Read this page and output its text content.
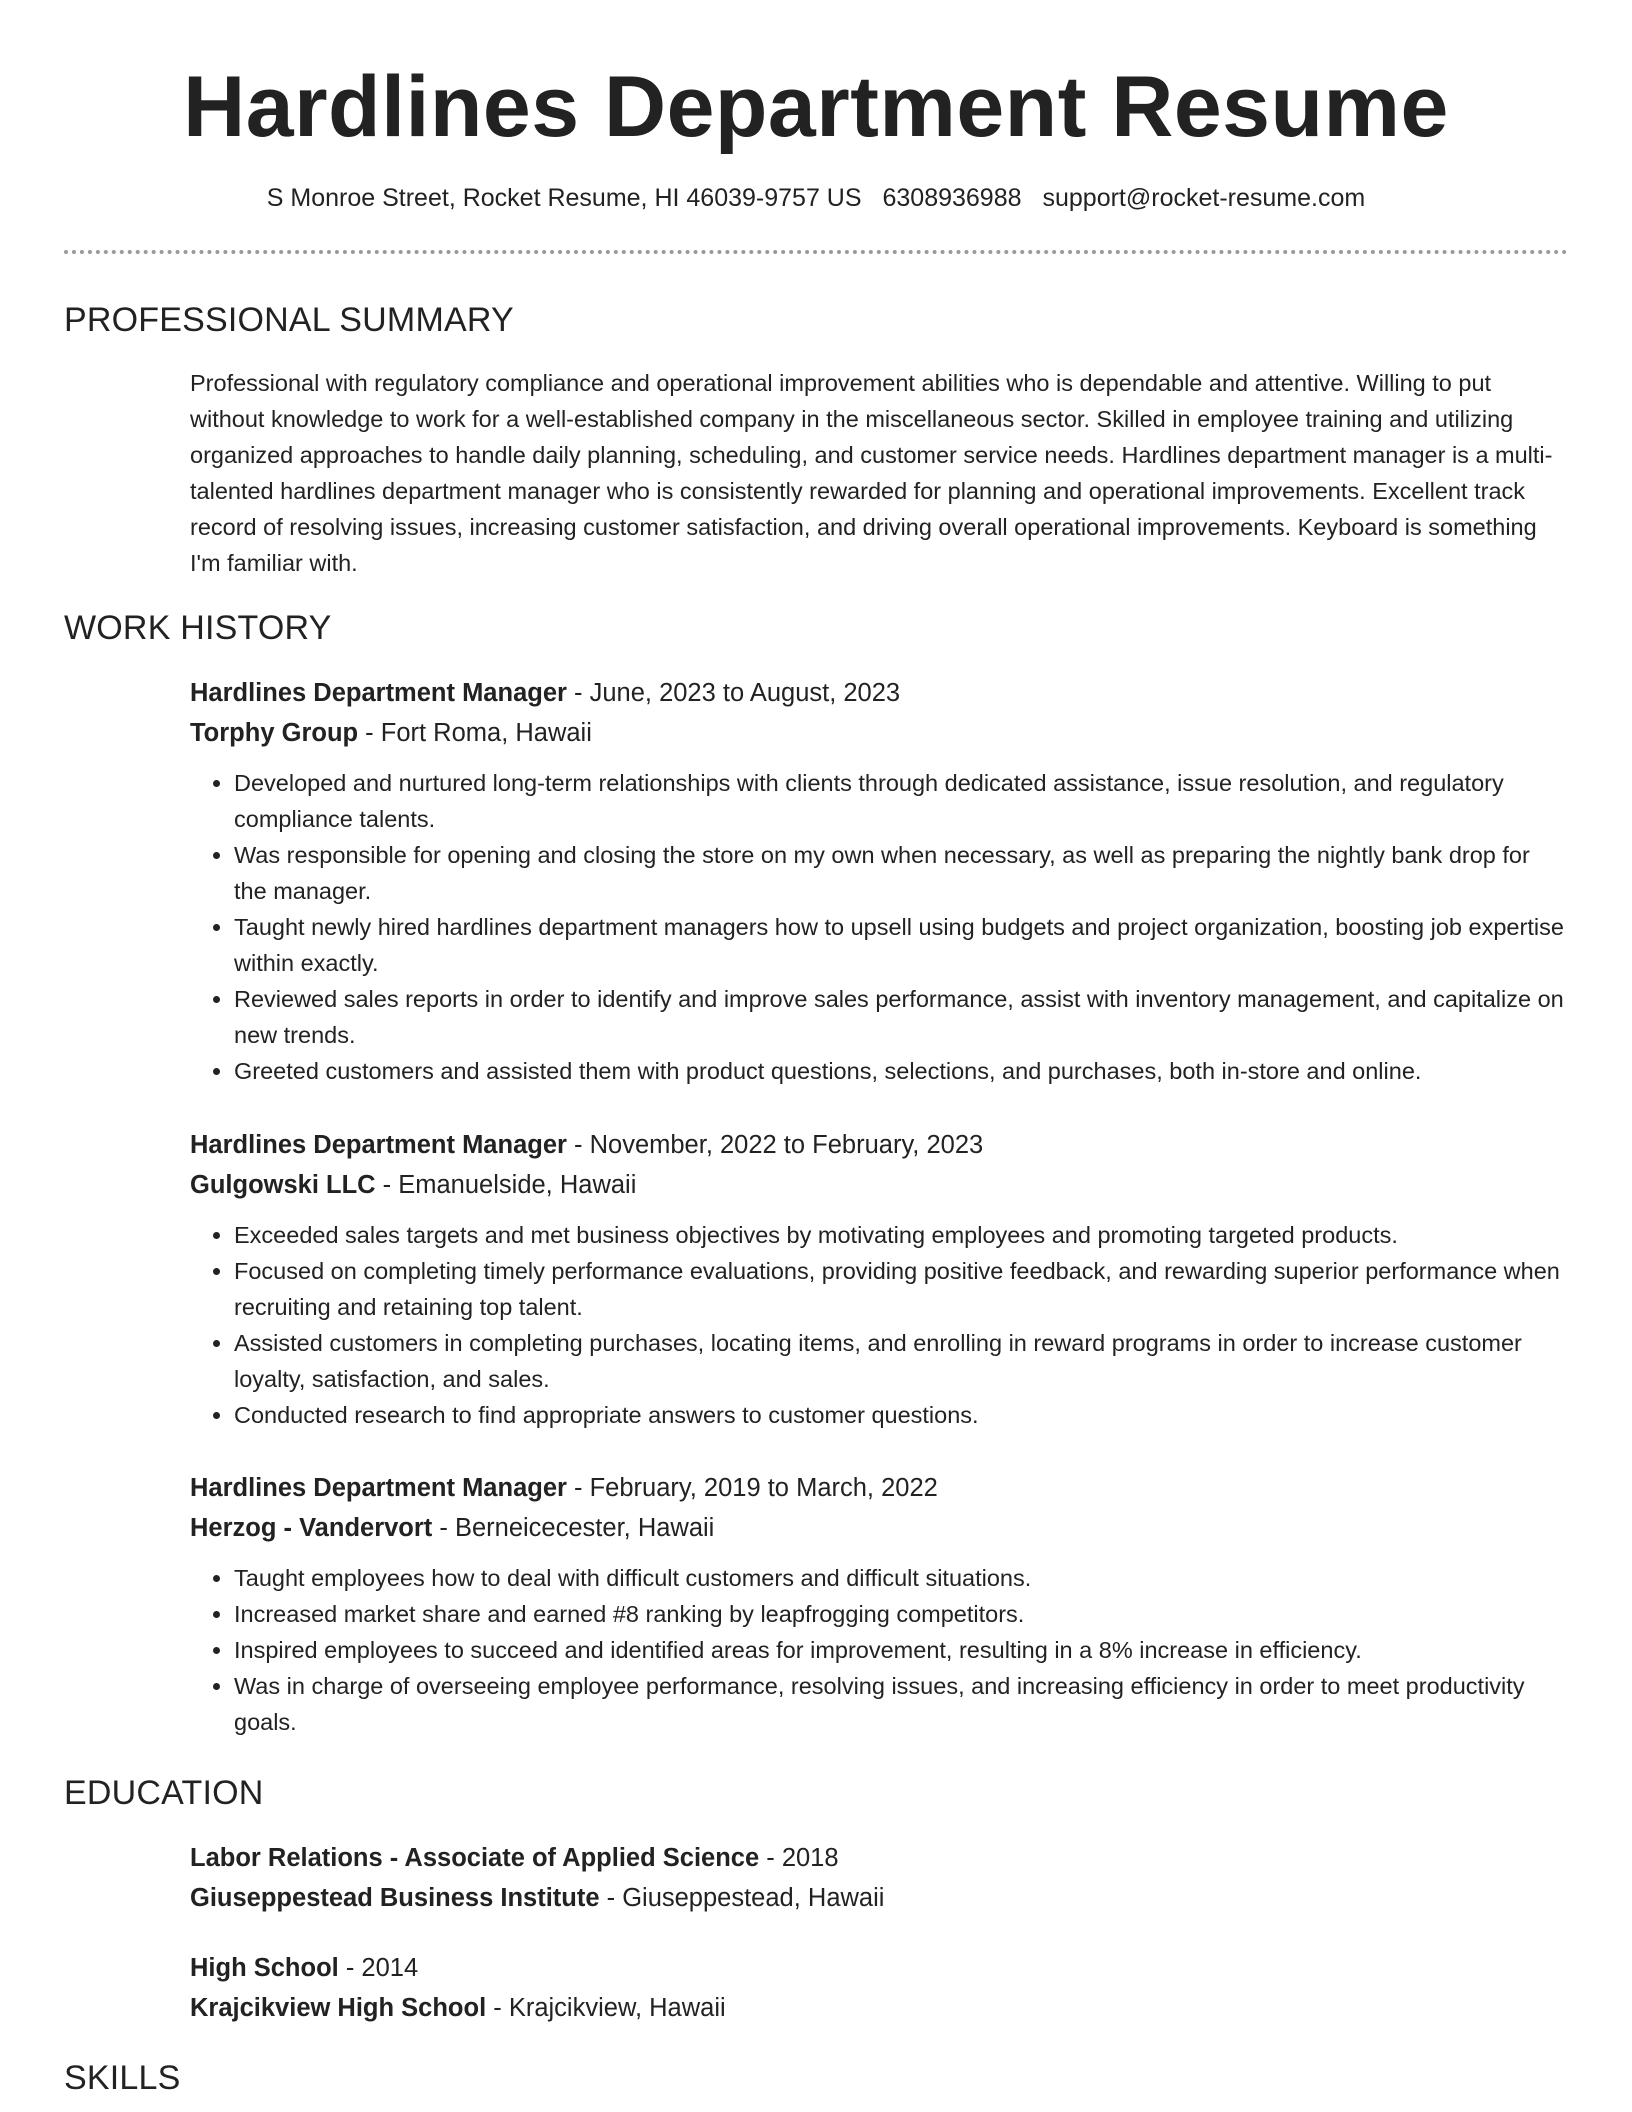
Hardlines Department Resume
S Monroe Street, Rocket Resume, HI 46039-9757 US 6308936988 support@rocket-resume.com
PROFESSIONAL SUMMARY

Professional with regulatory compliance and operational improvement abilities who is dependable and attentive. Willing to put without knowledge to work for a well-established company in the miscellaneous sector. Skilled in employee training and utilizing organized approaches to handle daily planning, scheduling, and customer service needs. Hardlines department manager is a multi-talented hardlines department manager who is consistently rewarded for planning and operational improvements. Excellent track record of resolving issues, increasing customer satisfaction, and driving overall operational improvements. Keyboard is something I'm familiar with.

WORK HISTORY
Hardlines Department Manager - June, 2023 to August, 2023
Torphy Group - Fort Roma, Hawaii
• Developed and nurtured long-term relationships with clients through dedicated assistance, issue resolution, and regulatory compliance talents.
• Was responsible for opening and closing the store on my own when necessary, as well as preparing the nightly bank drop for the manager.
• Taught newly hired hardlines department managers how to upsell using budgets and project organization, boosting job expertise within exactly.
• Reviewed sales reports in order to identify and improve sales performance, assist with inventory management, and capitalize on new trends.
• Greeted customers and assisted them with product questions, selections, and purchases, both in-store and online.
Hardlines Department Manager - November, 2022 to February, 2023
Gulgowski LLC - Emanuelside, Hawaii
• Exceeded sales targets and met business objectives by motivating employees and promoting targeted products.
• Focused on completing timely performance evaluations, providing positive feedback, and rewarding superior performance when recruiting and retaining top talent.
• Assisted customers in completing purchases, locating items, and enrolling in reward programs in order to increase customer loyalty, satisfaction, and sales.
• Conducted research to find appropriate answers to customer questions.
Hardlines Department Manager - February, 2019 to March, 2022
Herzog - Vandervort - Berneicecester, Hawaii
• Taught employees how to deal with difficult customers and difficult situations.
• Increased market share and earned #8 ranking by leapfrogging competitors.
• Inspired employees to succeed and identified areas for improvement, resulting in a 8% increase in efficiency.
• Was in charge of overseeing employee performance, resolving issues, and increasing efficiency in order to meet productivity goals.
EDUCATION
Labor Relations - Associate of Applied Science - 2018
Giuseppestead Business Institute - Giuseppestead, Hawaii
High School - 2014
Krajcikview High School - Krajcikview, Hawaii
SKILLS
